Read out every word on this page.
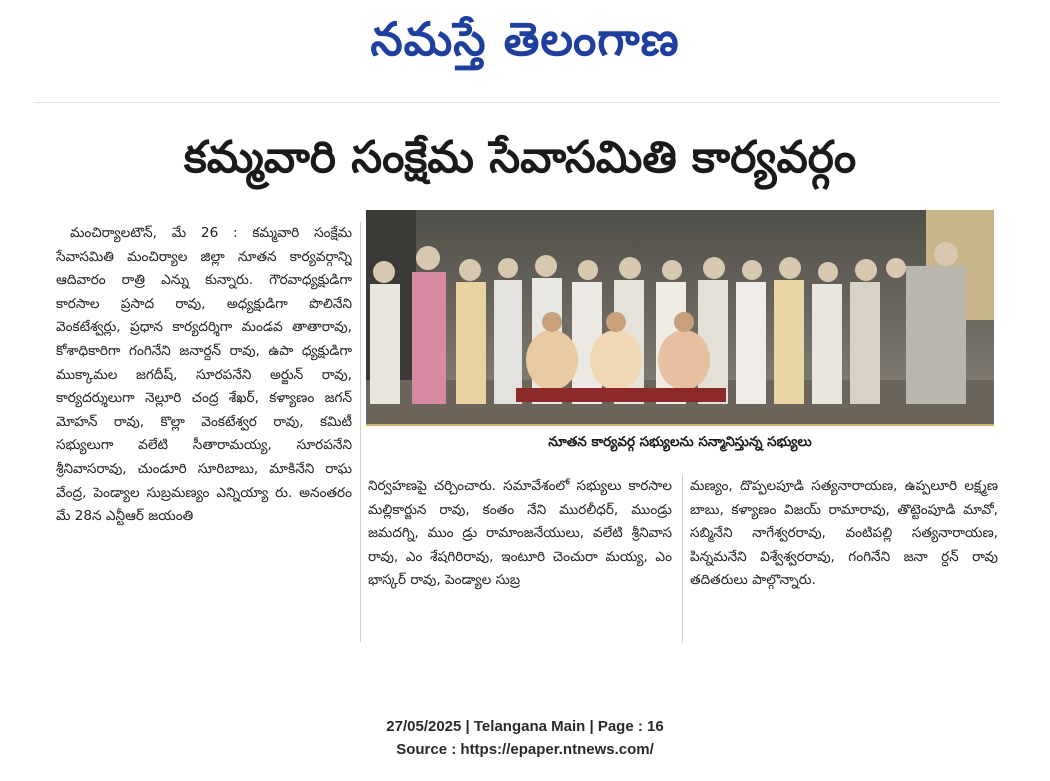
నమస్తే తెలంగాణ
కమ్మవారి సంక్షేమ సేవాసమితి కార్యవర్గం

మంచిర్యాలటౌన్, మే 26 : కమ్మవారి సంక్షేమ సేవాసమితి మంచిర్యాల జిల్లా నూతన కార్యవర్గాన్ని ఆదివారం రాత్రి ఎన్ను కున్నారు. గౌరవాధ్యక్షుడిగా కారసాల ప్రసాద రావు, అధ్యక్షుడిగా పొలినేని వెంకటేశ్వర్లు, ప్రధాన కార్యదర్శిగా మండవ తాతారావు, కోశాధికారిగా గంగినేని జనార్దన్ రావు, ఉపా ధ్యక్షుడిగా ముక్కామల జగదీష్, సూరపనేని అర్జున్ రావు, కార్యదర్శులుగా నెల్లూరి చంద్ర శేఖర్, కళ్యాణం జగన్ మోహన్ రావు, కొల్లా వెంకటేశ్వర రావు, కమిటీ సభ్యులుగా వలేటి సీతారామయ్య, సూరపనేని శ్రీనివాసరావు, చుండూరి సూరిబాబు, మాకినేని రాఘ వేంద్ర, పెండ్యాల సుబ్రమణ్యం ఎన్నియ్యా రు. అనంతరం మే 28న ఎన్టీఆర్ జయంతి

నూతన కార్యవర్గ సభ్యులను సన్మానిస్తున్న సభ్యులు

నిర్వహణపై చర్చించారు. సమావేశంలో సభ్యులు కారసాల మల్లికార్జున రావు, కంతం నేని మురలీధర్, ముండ్రు జమదగ్ని, ముం డ్రు రామాంజనేయులు, వలేటి శ్రీనివాస రావు, ఎం శేషగిరిరావు, ఇంటూరి చెంచురా మయ్య, ఎం భాస్కర్ రావు, పెండ్యాల సుబ్ర

మణ్యం, దొప్పలపూడి సత్యనారాయణ, ఉప్పలూరి లక్ష్మణ బాబు, కళ్యాణం విజయ్ రామారావు, తొట్టెంపూడి మావో, సబ్మినేని నాగేశ్వరరావు, వంటిపల్లి సత్యనారాయణ, పిన్నమనేని విశ్వేశ్వరరావు, గంగినేని జనా ర్దన్ రావు తదితరులు పాల్గొన్నారు.

27/05/2025 | Telangana Main | Page : 16
Source : https://epaper.ntnews.com/
